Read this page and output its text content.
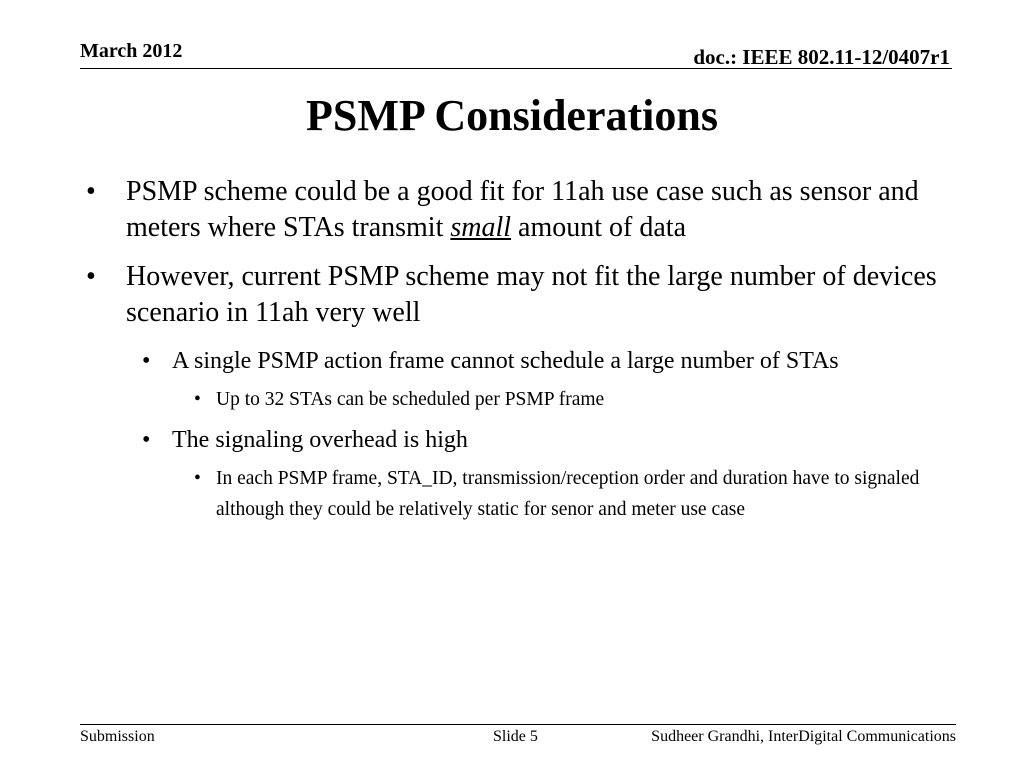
March 2012	doc.: IEEE 802.11-12/0407r1
PSMP Considerations
• PSMP scheme could be a good fit for 11ah use case such as sensor and meters where STAs transmit small amount of data
• However, current PSMP scheme may not fit the large number of devices scenario in 11ah very well
• A single PSMP action frame cannot schedule a large number of STAs
• Up to 32 STAs can be scheduled per PSMP frame
• The signaling overhead is high
• In each PSMP frame, STA_ID, transmission/reception order and duration have to signaled although they could be relatively static for senor and meter use case
Submission	Slide 5	Sudheer Grandhi, InterDigital Communications
